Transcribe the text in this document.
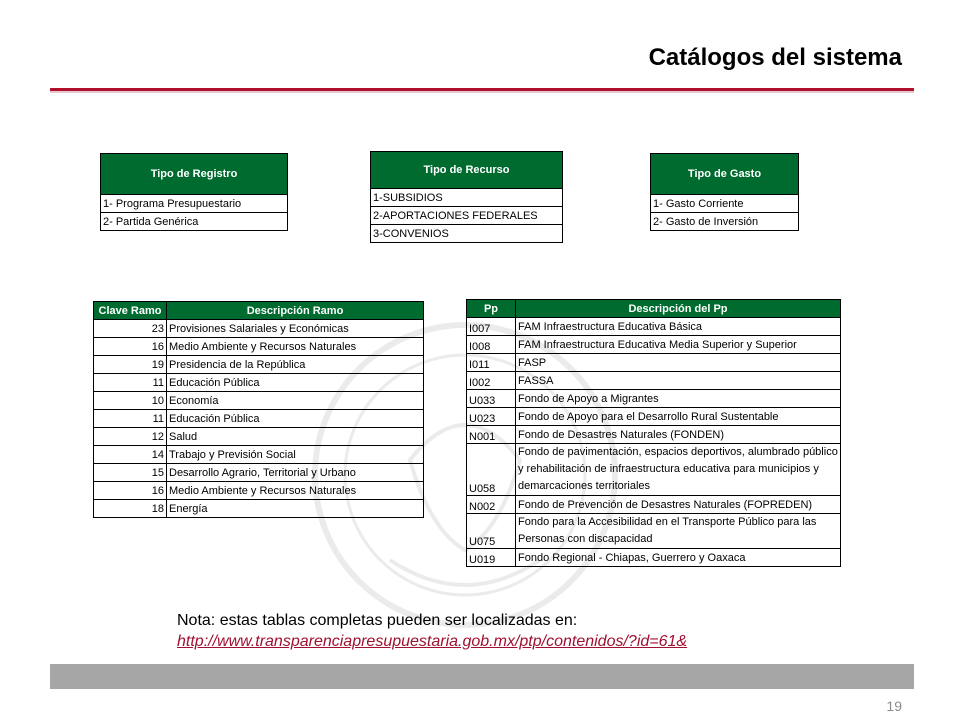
Catálogos del sistema
Tipo de Registro
1- Programa Presupuestario
2- Partida Genérica
Tipo de Recurso
1-SUBSIDIOS
2-APORTACIONES FEDERALES
3-CONVENIOS
Tipo de Gasto
1- Gasto Corriente
2- Gasto de Inversión
Clave Ramo	Descripción Ramo
23	Provisiones Salariales y Económicas
16	Medio Ambiente y Recursos Naturales
19	Presidencia de la República
11	Educación Pública
10	Economía
11	Educación Pública
12	Salud
14	Trabajo y Previsión Social
15	Desarrollo Agrario, Territorial y Urbano
16	Medio Ambiente y Recursos Naturales
18	Energía
Pp	Descripción del Pp
I007	FAM Infraestructura Educativa Básica
I008	FAM Infraestructura Educativa Media Superior y Superior
I011	FASP
I002	FASSA
U033	Fondo de Apoyo a Migrantes
U023	Fondo de Apoyo para el Desarrollo Rural Sustentable
N001	Fondo de Desastres Naturales (FONDEN)
U058	Fondo de pavimentación, espacios deportivos, alumbrado público y rehabilitación de infraestructura educativa para municipios y demarcaciones territoriales
N002	Fondo de Prevención de Desastres Naturales (FOPREDEN)
U075	Fondo para la Accesibilidad en el Transporte Público para las Personas con discapacidad
U019	Fondo Regional - Chiapas, Guerrero y Oaxaca
Nota: estas tablas completas pueden ser localizadas en:
http://www.transparenciapresupuestaria.gob.mx/ptp/contenidos/?id=61&
19
